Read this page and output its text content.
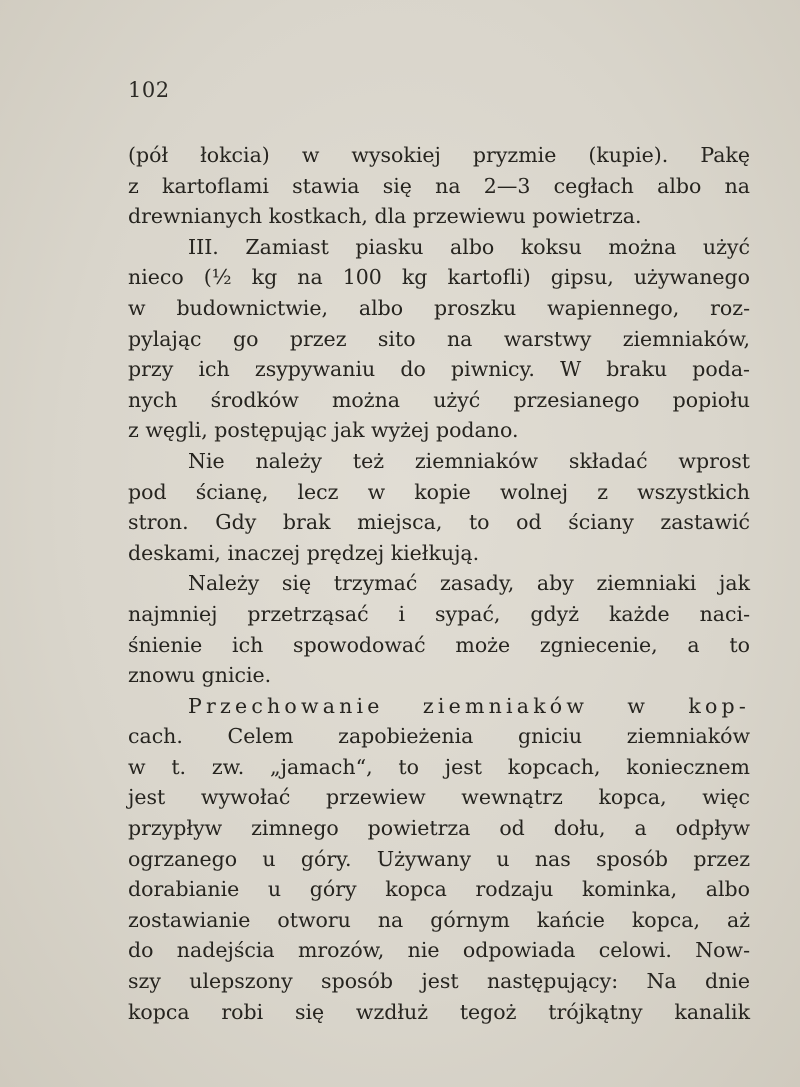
102
(pół łokcia) w wysokiej pryzmie (kupie). Pakę
z kartoflami stawia się na 2—3 cegłach albo na
drewnianych kostkach, dla przewiewu powietrza.
III. Zamiast piasku albo koksu można użyć
nieco (½ kg na 100 kg kartofli) gipsu, używanego
w budownictwie, albo proszku wapiennego, roz-
pylając go przez sito na warstwy ziemniaków,
przy ich zsypywaniu do piwnicy. W braku poda-
nych środków można użyć przesianego popiołu
z węgli, postępując jak wyżej podano.
Nie należy też ziemniaków składać wprost
pod ścianę, lecz w kopie wolnej z wszystkich
stron. Gdy brak miejsca, to od ściany zastawić
deskami, inaczej prędzej kiełkują.
Należy się trzymać zasady, aby ziemniaki jak
najmniej przetrząsać i sypać, gdyż każde naci-
śnienie ich spowodować może zgniecenie, a to
znowu gnicie.
Przechowanie ziemniaków w kop-
cach. Celem zapobieżenia gniciu ziemniaków
w t. zw. „jamach“, to jest kopcach, koniecznem
jest wywołać przewiew wewnątrz kopca, więc
przypływ zimnego powietrza od dołu, a odpływ
ogrzanego u góry. Używany u nas sposób przez
dorabianie u góry kopca rodzaju kominka, albo
zostawianie otworu na górnym kańcie kopca, aż
do nadejścia mrozów, nie odpowiada celowi. Now-
szy ulepszony sposób jest następujący: Na dnie
kopca robi się wzdłuż tegoż trójkątny kanalik
